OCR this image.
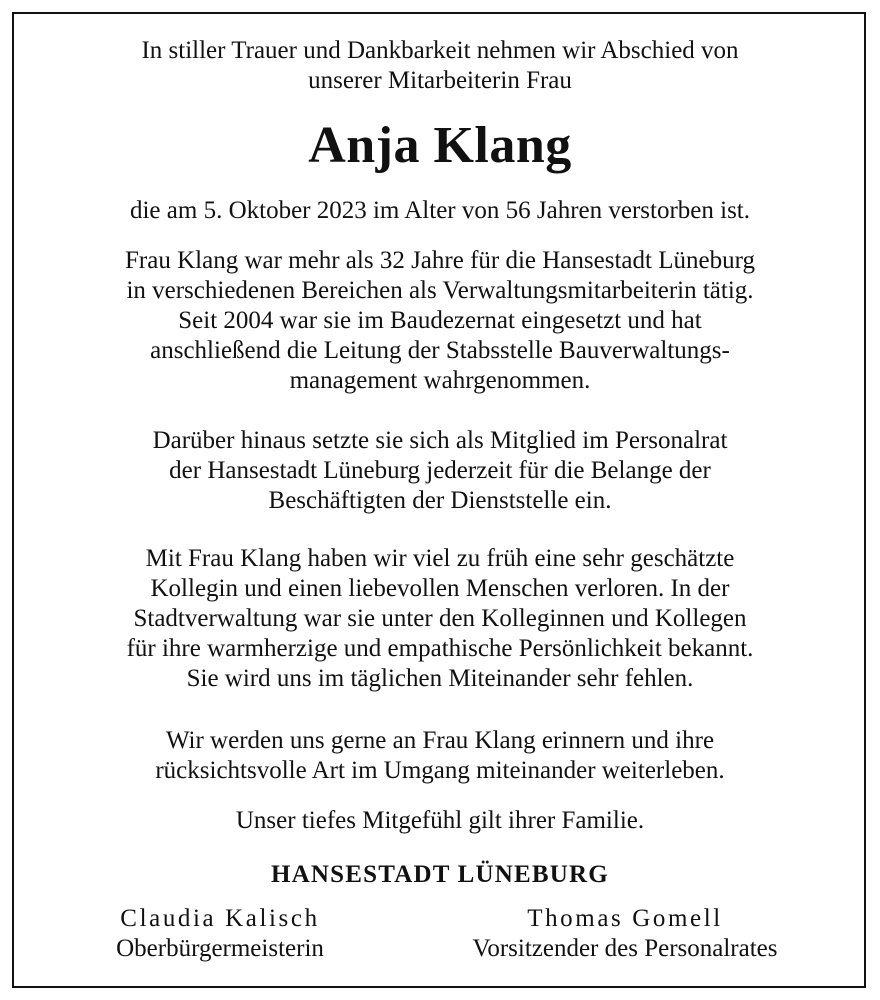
In stiller Trauer und Dankbarkeit nehmen wir Abschied von
unserer Mitarbeiterin Frau
Anja Klang
die am 5. Oktober 2023 im Alter von 56 Jahren verstorben ist.
Frau Klang war mehr als 32 Jahre für die Hansestadt Lüneburg
in verschiedenen Bereichen als Verwaltungsmitarbeiterin tätig.
Seit 2004 war sie im Baudezernat eingesetzt und hat
anschließend die Leitung der Stabsstelle Bauverwaltungs-
management wahrgenommen.
Darüber hinaus setzte sie sich als Mitglied im Personalrat
der Hansestadt Lüneburg jederzeit für die Belange der
Beschäftigten der Dienststelle ein.
Mit Frau Klang haben wir viel zu früh eine sehr geschätzte
Kollegin und einen liebevollen Menschen verloren. In der
Stadtverwaltung war sie unter den Kolleginnen und Kollegen
für ihre warmherzige und empathische Persönlichkeit bekannt.
Sie wird uns im täglichen Miteinander sehr fehlen.
Wir werden uns gerne an Frau Klang erinnern und ihre
rücksichtsvolle Art im Umgang miteinander weiterleben.
Unser tiefes Mitgefühl gilt ihrer Familie.
HANSESTADT LÜNEBURG
Claudia Kalisch
Oberbürgermeisterin
Thomas Gomell
Vorsitzender des Personalrates
